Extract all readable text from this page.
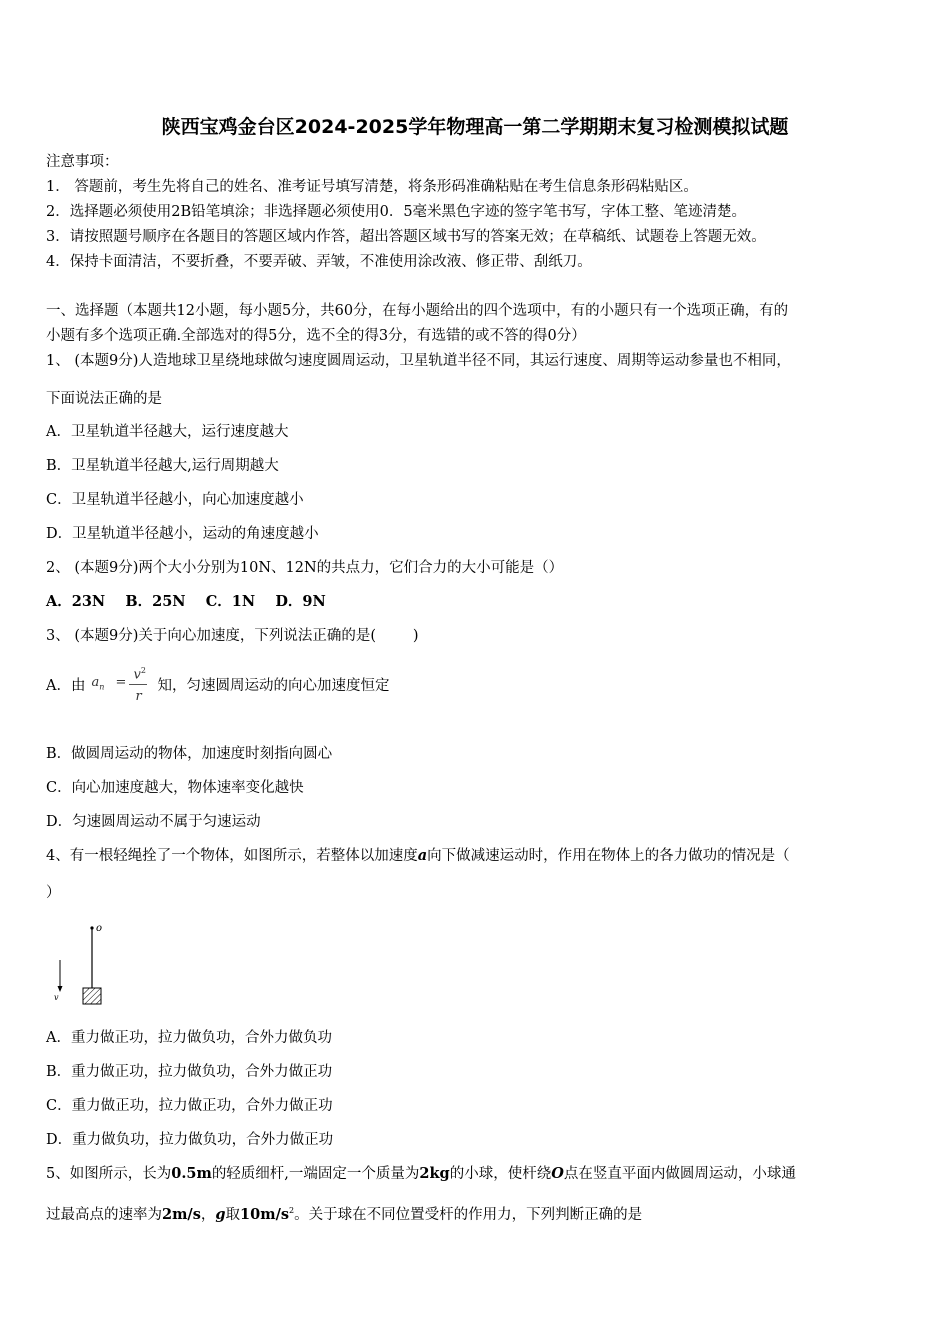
陕西宝鸡金台区2024-2025学年物理高一第二学期期末复习检测模拟试题
注意事项：
1． 答题前，考生先将自己的姓名、准考证号填写清楚，将条形码准确粘贴在考生信息条形码粘贴区。
2．选择题必须使用2B铅笔填涂；非选择题必须使用0．5毫米黑色字迹的签字笔书写，字体工整、笔迹清楚。
3．请按照题号顺序在各题目的答题区域内作答，超出答题区域书写的答案无效；在草稿纸、试题卷上答题无效。
4．保持卡面清洁，不要折叠，不要弄破、弄皱，不准使用涂改液、修正带、刮纸刀。
一、选择题（本题共12小题，每小题5分，共60分，在每小题给出的四个选项中，有的小题只有一个选项正确，有的
小题有多个选项正确.全部选对的得5分，选不全的得3分，有选错的或不答的得0分）
1、 (本题9分)人造地球卫星绕地球做匀速度圆周运动，卫星轨道半径不同，其运行速度、周期等运动参量也不相同，
下面说法正确的是
A．卫星轨道半径越大，运行速度越大
B．卫星轨道半径越大,运行周期越大
C．卫星轨道半径越小，向心加速度越小
D．卫星轨道半径越小，运动的角速度越小
2、 (本题9分)两个大小分别为10N、12N的共点力，它们合力的大小可能是（）
A．23N    B．25N    C．1N    D．9N
3、 (本题9分)关于向心加速度，下列说法正确的是(        )
A．由 $a_n$ =
$v^2$
r
知，匀速圆周运动的向心加速度恒定
B．做圆周运动的物体，加速度时刻指向圆心
C．向心加速度越大，物体速率变化越快
D．匀速圆周运动不属于匀速运动
4、有一根轻绳拴了一个物体，如图所示，若整体以加速度a向下做减速运动时，作用在物体上的各力做功的情况是（
）
o
v
A．重力做正功，拉力做负功，合外力做负功
B．重力做正功，拉力做负功，合外力做正功
C．重力做正功，拉力做正功，合外力做正功
D．重力做负功，拉力做负功，合外力做正功
5、如图所示，长为0.5m的轻质细杆,一端固定一个质量为2kg的小球，使杆绕O点在竖直平面内做圆周运动，小球通
过最高点的速率为2m/s，g取$10m/s^2$。关于球在不同位置受杆的作用力，下列判断正确的是
